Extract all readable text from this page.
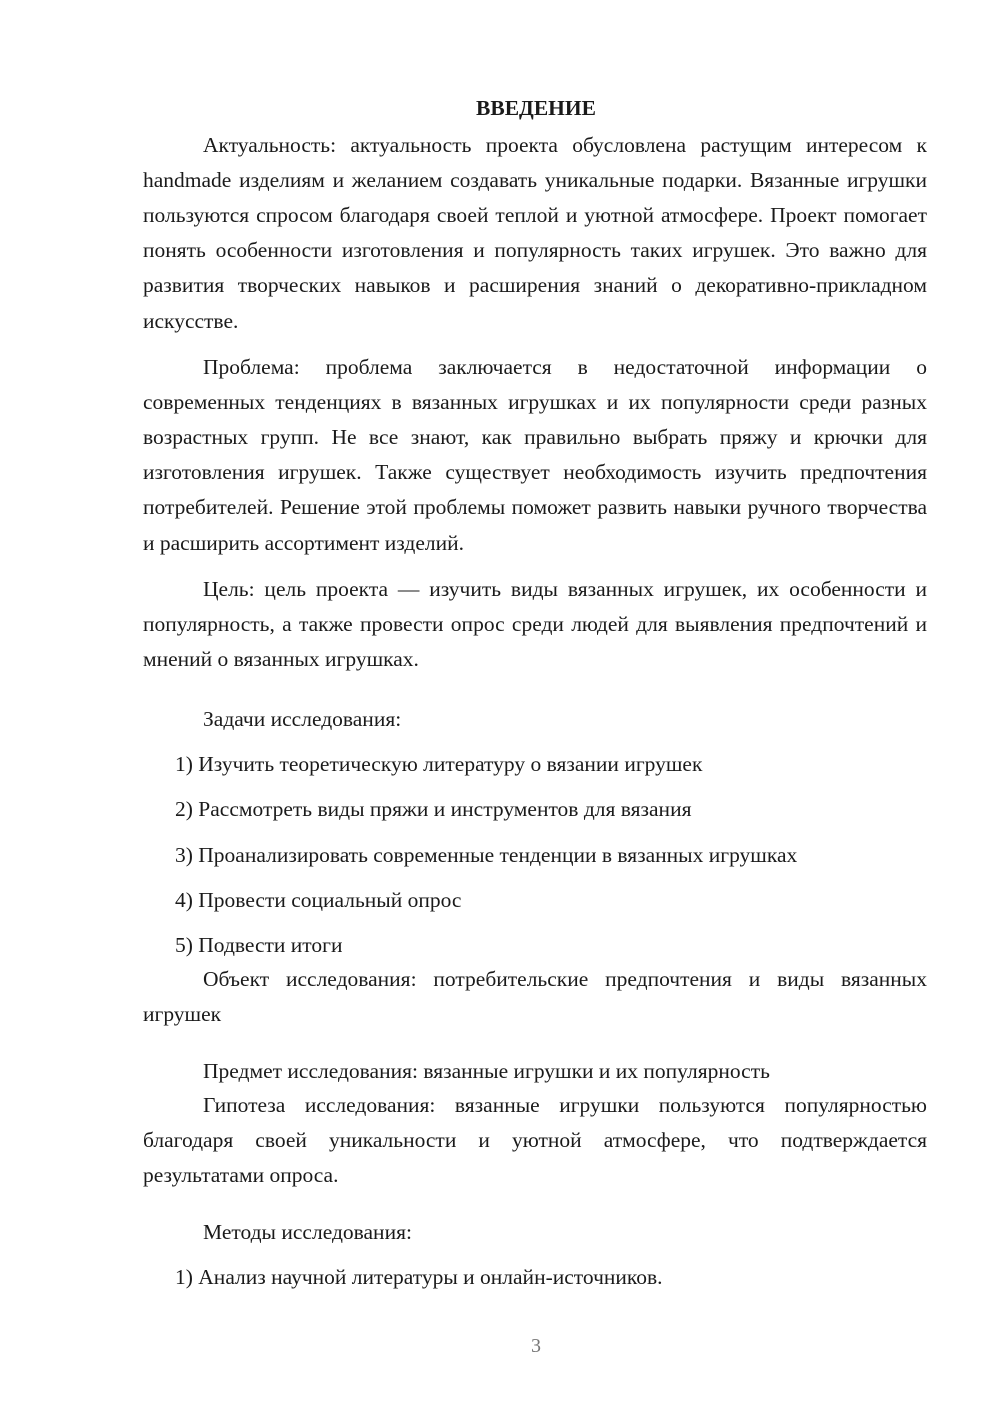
ВВЕДЕНИЕ

Актуальность: актуальность проекта обусловлена растущим интересом к handmade изделиям и желанием создавать уникальные подарки. Вязанные игрушки пользуются спросом благодаря своей теплой и уютной атмосфере. Проект помогает понять особенности изготовления и популярность таких игрушек. Это важно для развития творческих навыков и расширения знаний о декоративно-прикладном искусстве.

Проблема: проблема заключается в недостаточной информации о современных тенденциях в вязанных игрушках и их популярности среди разных возрастных групп. Не все знают, как правильно выбрать пряжу и крючки для изготовления игрушек. Также существует необходимость изучить предпочтения потребителей. Решение этой проблемы поможет развить навыки ручного творчества и расширить ассортимент изделий.

Цель: цель проекта — изучить виды вязанных игрушек, их особенности и популярность, а также провести опрос среди людей для выявления предпочтений и мнений о вязанных игрушках.

Задачи исследования:
1) Изучить теоретическую литературу о вязании игрушек
2) Рассмотреть виды пряжи и инструментов для вязания
3) Проанализировать современные тенденции в вязанных игрушках
4) Провести социальный опрос
5) Подвести итоги

Объект исследования: потребительские предпочтения и виды вязанных игрушек

Предмет исследования: вязанные игрушки и их популярность

Гипотеза исследования: вязанные игрушки пользуются популярностью благодаря своей уникальности и уютной атмосфере, что подтверждается результатами опроса.

Методы исследования:
1) Анализ научной литературы и онлайн-источников.
3
